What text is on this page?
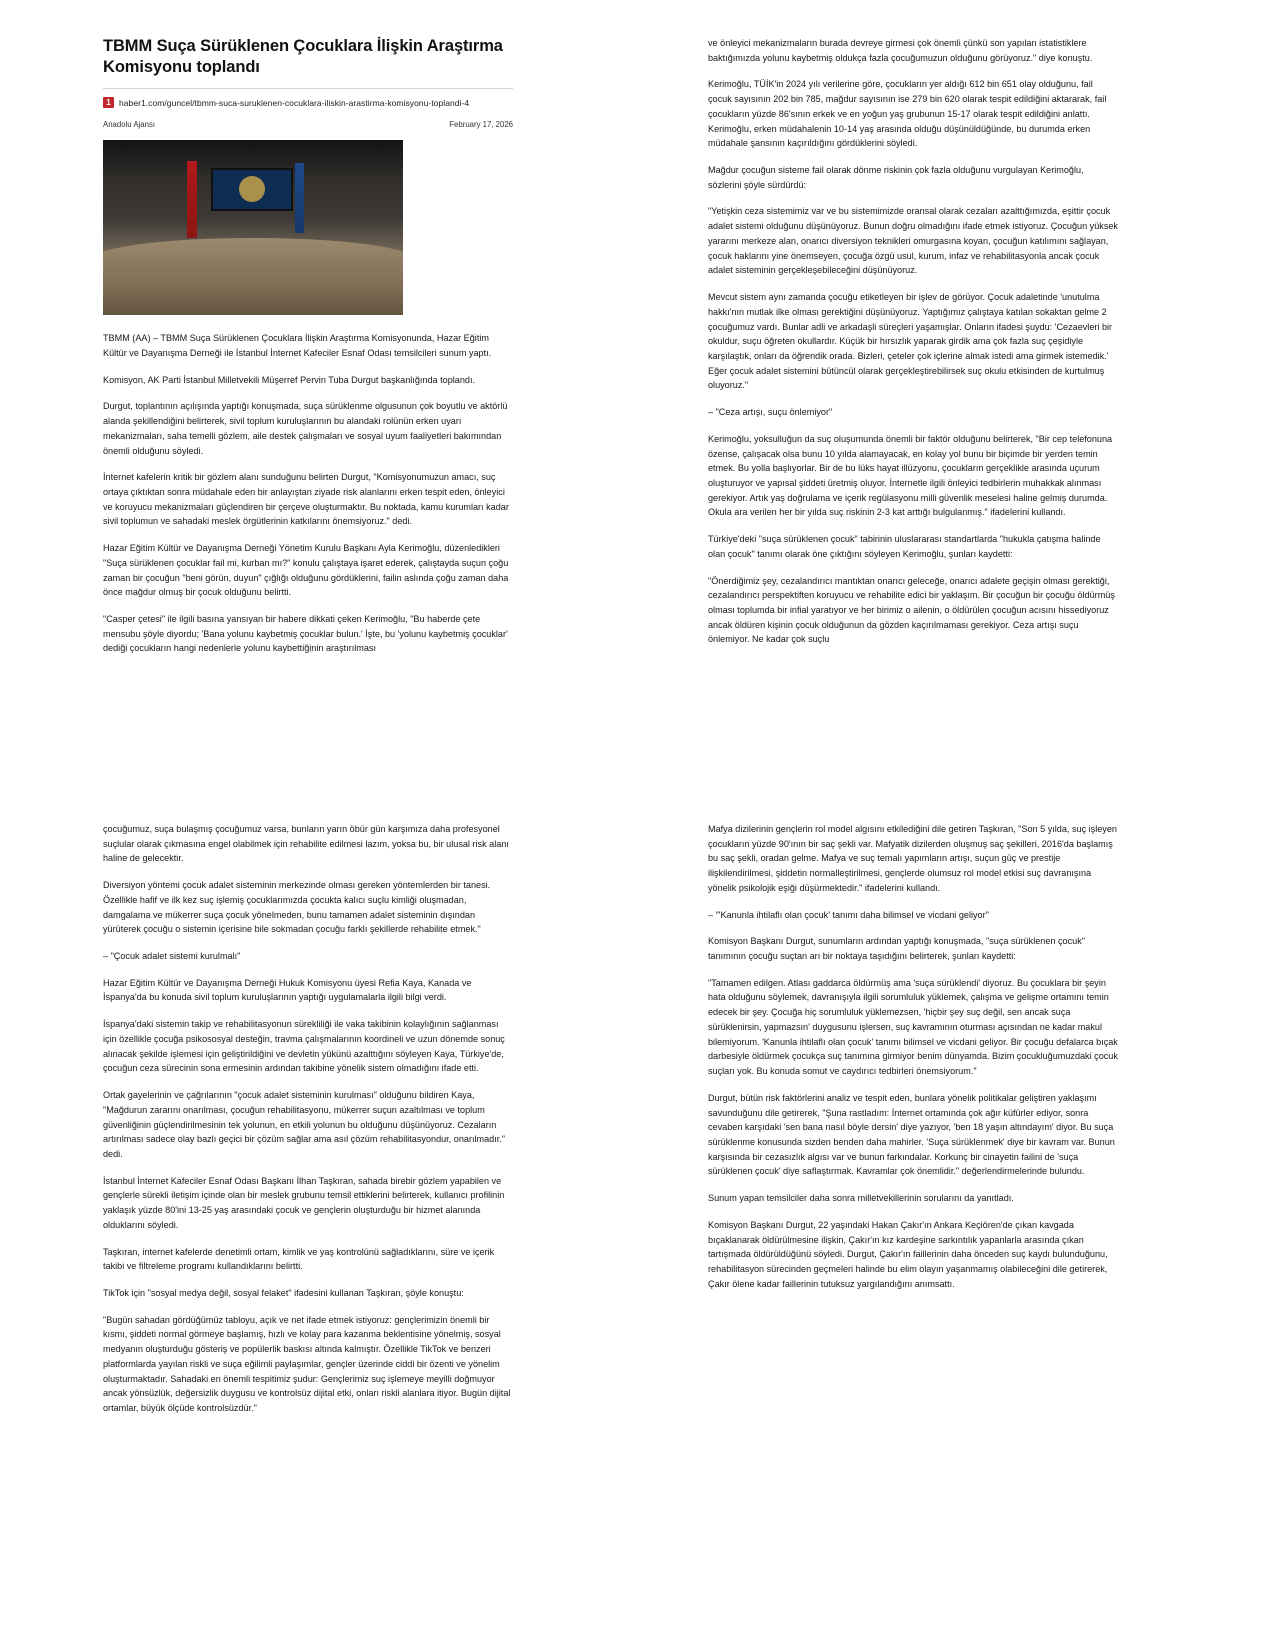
TBMM Suça Sürüklenen Çocuklara İlişkin Araştırma Komisyonu toplandı
1 haber1.com/guncel/tbmm-suca-suruklenen-cocuklara-iliskin-arastirma-komisyonu-toplandi-4
Anadolu Ajansı	February 17, 2026

TBMM (AA) – TBMM Suça Sürüklenen Çocuklara İlişkin Araştırma Komisyonunda, Hazar Eğitim Kültür ve Dayanışma Derneği ile İstanbul İnternet Kafeciler Esnaf Odası temsilcileri sunum yaptı.

Komisyon, AK Parti İstanbul Milletvekili Müşerref Pervin Tuba Durgut başkanlığında toplandı.

Durgut, toplantının açılışında yaptığı konuşmada, suça sürüklenme olgusunun çok boyutlu ve aktörlü alanda şekillendiğini belirterek, sivil toplum kuruluşlarının bu alandaki rolünün erken uyarı mekanizmaları, saha temelli gözlem, aile destek çalışmaları ve sosyal uyum faaliyetleri bakımından önemli olduğunu söyledi.

İnternet kafelerin kritik bir gözlem alanı sunduğunu belirten Durgut, "Komisyonumuzun amacı, suç ortaya çıktıktan sonra müdahale eden bir anlayıştan ziyade risk alanlarını erken tespit eden, önleyici ve koruyucu mekanizmaları güçlendiren bir çerçeve oluşturmaktır. Bu noktada, kamu kurumları kadar sivil toplumun ve sahadaki meslek örgütlerinin katkılarını önemsiyoruz." dedi.

Hazar Eğitim Kültür ve Dayanışma Derneği Yönetim Kurulu Başkanı Ayla Kerimoğlu, düzenledikleri "Suça sürüklenen çocuklar fail mi, kurban mı?" konulu çalıştaya işaret ederek, çalıştayda suçun çoğu zaman bir çocuğun "beni görün, duyun" çığlığı olduğunu gördüklerini, failin aslında çoğu zaman daha önce mağdur olmuş bir çocuk olduğunu belirtti.

"Casper çetesi" ile ilgili basına yansıyan bir habere dikkati çeken Kerimoğlu, "Bu haberde çete mensubu şöyle diyordu; 'Bana yolunu kaybetmiş çocuklar bulun.' İşte, bu 'yolunu kaybetmiş çocuklar' dediği çocukların hangi nedenlerle yolunu kaybettiğinin araştırılması

ve önleyici mekanizmaların burada devreye girmesi çok önemli çünkü son yapılan istatistiklere baktığımızda yolunu kaybetmiş oldukça fazla çocuğumuzun olduğunu görüyoruz." diye konuştu.

Kerimoğlu, TÜİK'in 2024 yılı verilerine göre, çocukların yer aldığı 612 bin 651 olay olduğunu, fail çocuk sayısının 202 bin 785, mağdur sayısının ise 279 bin 620 olarak tespit edildiğini aktararak, fail çocukların yüzde 86'sının erkek ve en yoğun yaş grubunun 15-17 olarak tespit edildiğini anlattı. Kerimoğlu, erken müdahalenin 10-14 yaş arasında olduğu düşünüldüğünde, bu durumda erken müdahale şansının kaçırıldığını gördüklerini söyledi.

Mağdur çocuğun sisteme fail olarak dönme riskinin çok fazla olduğunu vurgulayan Kerimoğlu, sözlerini şöyle sürdürdü:

"Yetişkin ceza sistemimiz var ve bu sistemimizde oransal olarak cezaları azalttığımızda, eşittir çocuk adalet sistemi olduğunu düşünüyoruz. Bunun doğru olmadığını ifade etmek istiyoruz. Çocuğun yüksek yararını merkeze alan, onarıcı diversiyon teknikleri omurgasına koyan, çocuğun katılımını sağlayan, çocuk haklarını yine önemseyen, çocuğa özgü usul, kurum, infaz ve rehabilitasyonla ancak çocuk adalet sisteminin gerçekleşebileceğini düşünüyoruz.

Mevcut sistem aynı zamanda çocuğu etiketleyen bir işlev de görüyor. Çocuk adaletinde 'unutulma hakkı'nın mutlak ilke olması gerektiğini düşünüyoruz. Yaptığımız çalıştaya katılan sokaktan gelme 2 çocuğumuz vardı. Bunlar adli ve arkadaşli süreçleri yaşamışlar. Onların ifadesi şuydu: 'Cezaevleri bir okuldur, suçu öğreten okullardır. Küçük bir hırsızlık yaparak girdik ama çok fazla suç çeşidiyle karşılaştık, onları da öğrendik orada. Bizleri, çeteler çok içlerine almak istedi ama girmek istemedik.' Eğer çocuk adalet sistemini bütüncül olarak gerçekleştirebilirsek suç okulu etkisinden de kurtulmuş oluyoruz."

– "Ceza artışı, suçu önlemiyor"

Kerimoğlu, yoksulluğun da suç oluşumunda önemli bir faktör olduğunu belirterek, "Bir cep telefonuna özense, çalışacak olsa bunu 10 yılda alamayacak, en kolay yol bunu bir biçimde bir yerden temin etmek. Bu yolla başlıyorlar. Bir de bu lüks hayat illüzyonu, çocukların gerçeklikle arasında uçurum oluşturuyor ve yapısal şiddeti üretmiş oluyor. İnternetle ilgili önleyici tedbirlerin muhakkak alınması gerekiyor. Artık yaş doğrulama ve içerik regülasyonu milli güvenlik meselesi haline gelmiş durumda. Okula ara verilen her bir yılda suç riskinin 2-3 kat arttığı bulgulanmış." ifadelerini kullandı.

Türkiye'deki "suça sürüklenen çocuk" tabirinin uluslararası standartlarda "hukukla çatışma halinde olan çocuk" tanımı olarak öne çıktığını söyleyen Kerimoğlu, şunları kaydetti:

"Önerdiğimiz şey, cezalandırıcı mantıktan onarıcı geleceğe, onarıcı adalete geçişin olması gerektiği, cezalandırıcı perspektiften koruyucu ve rehabilite edici bir yaklaşım. Bir çocuğun bir çocuğu öldürmüş olması toplumda bir infial yaratıyor ve her birimiz o ailenin, o öldürülen çocuğun acısını hissediyoruz ancak öldüren kişinin çocuk olduğunun da gözden kaçırılmaması gerekiyor. Ceza artışı suçu önlemiyor. Ne kadar çok suçlu

çocuğumuz, suça bulaşmış çocuğumuz varsa, bunların yarın öbür gün karşımıza daha profesyonel suçlular olarak çıkmasına engel olabilmek için rehabilite edilmesi lazım, yoksa bu, bir ulusal risk alanı haline de gelecektir.

Diversiyon yöntemi çocuk adalet sisteminin merkezinde olması gereken yöntemlerden bir tanesi. Özellikle hafif ve ilk kez suç işlemiş çocuklarımızda çocukta kalıcı suçlu kimliği oluşmadan, damgalama ve mükerrer suça çocuk yönelmeden, bunu tamamen adalet sisteminin dışından yürüterek çocuğu o sistemin içerisine bile sokmadan çocuğu farklı şekillerde rehabilite etmek."

– "Çocuk adalet sistemi kurulmalı"

Hazar Eğitim Kültür ve Dayanışma Derneği Hukuk Komisyonu üyesi Refia Kaya, Kanada ve İspanya'da bu konuda sivil toplum kuruluşlarının yaptığı uygulamalarla ilgili bilgi verdi.

İspanya'daki sistemin takip ve rehabilitasyonun sürekliliği ile vaka takibinin kolaylığının sağlanması için özellikle çocuğa psikososyal desteğin, travma çalışmalarının koordineli ve uzun dönemde sonuç alınacak şekilde işlemesi için geliştirildiğini ve devletin yükünü azalttığını söyleyen Kaya, Türkiye'de, çocuğun ceza sürecinin sona ermesinin ardından takibine yönelik sistem olmadığını ifade etti.

Ortak gayelerinin ve çağrılarının "çocuk adalet sisteminin kurulması" olduğunu bildiren Kaya, "Mağdurun zararını onarılması, çocuğun rehabilitasyonu, mükerrer suçun azaltılması ve toplum güvenliğinin güçlendirilmesinin tek yolunun, en etkili yolunun bu olduğunu düşünüyoruz. Cezaların artırılması sadece olay bazlı geçici bir çözüm sağlar ama asıl çözüm rehabilitasyondur, onarılmadır." dedi.

İstanbul İnternet Kafeciler Esnaf Odası Başkanı İlhan Taşkıran, sahada birebir gözlem yapabilen ve gençlerle sürekli iletişim içinde olan bir meslek grubunu temsil ettiklerini belirterek, kullanıcı profilinin yaklaşık yüzde 80'ini 13-25 yaş arasındaki çocuk ve gençlerin oluşturduğu bir hizmet alanında olduklarını söyledi.

Taşkıran, internet kafelerde denetimli ortam, kimlik ve yaş kontrolünü sağladıklarını, süre ve içerik takibi ve filtreleme programı kullandıklarını belirtti.

TikTok için "sosyal medya değil, sosyal felaket" ifadesini kullanan Taşkıran, şöyle konuştu:

"Bugün sahadan gördüğümüz tabloyu, açık ve net ifade etmek istiyoruz: gençlerimizin önemli bir kısmı, şiddeti normal görmeye başlamış, hızlı ve kolay para kazanma beklentisine yönelmiş, sosyal medyanın oluşturduğu gösteriş ve popülerlik baskısı altında kalmıştır. Özellikle TikTok ve benzeri platformlarda yayılan riskli ve suça eğilimli paylaşımlar, gençler üzerinde ciddi bir özenti ve yönelim oluşturmaktadır. Sahadaki en önemli tespitimiz şudur: Gençlerimiz suç işlemeye meyilli doğmuyor ancak yönsüzlük, değersizlik duygusu ve kontrolsüz dijital etki, onları riskli alanlara itiyor. Bugün dijital ortamlar, büyük ölçüde kontrolsüzdür."

Mafya dizilerinin gençlerin rol model algısını etkilediğini dile getiren Taşkıran, "Son 5 yılda, suç işleyen çocukların yüzde 90'ının bir saç şekli var. Mafyatik dizilerden oluşmuş saç şekilleri, 2016'da başlamış bu saç şekli, oradan gelme. Mafya ve suç temalı yapımların artışı, suçun güç ve prestije ilişkilendirilmesi, şiddetin normalleştirilmesi, gençlerde olumsuz rol model etkisi suç davranışına yönelik psikolojik eşiği düşürmektedir." ifadelerini kullandı.

– "'Kanunla ihtilaflı olan çocuk' tanımı daha bilimsel ve vicdani geliyor"

Komisyon Başkanı Durgut, sunumların ardından yaptığı konuşmada, "suça sürüklenen çocuk" tanımının çocuğu suçtan arı bir noktaya taşıdığını belirterek, şunları kaydetti:

"Tamamen edilgen. Atlası gaddarca öldürmüş ama 'suça sürüklendi' diyoruz. Bu çocuklara bir şeyin hata olduğunu söylemek, davranışıyla ilgili sorumluluk yüklemek, çalışma ve gelişme ortamını temin edecek bir şey. Çocuğa hiç sorumluluk yüklemezsen, 'hiçbir şey suç değil, sen ancak suça sürüklenirsin, yapmazsın' duygusunu işlersen, suç kavramının oturması açısından ne kadar makul bilemiyorum. 'Kanunla ihtilaflı olan çocuk' tanımı bilimsel ve vicdani geliyor. Bir çocuğu defalarca bıçak darbesiyle öldürmek çocukça suç tanımına girmiyor benim dünyamda. Bizim çocukluğumuzdaki çocuk suçları yok. Bu konuda somut ve caydırıcı tedbirleri önemsiyorum."

Durgut, bütün risk faktörlerini analiz ve tespit eden, bunlara yönelik politikalar geliştiren yaklaşımı savunduğunu dile getirerek, "Şuna rastladım: İnternet ortamında çok ağır küfürler ediyor, sonra cevaben karşıdaki 'sen bana nasıl böyle dersin' diye yazıyor, 'ben 18 yaşın altındayım' diyor. Bu suça sürüklenme konusunda sizden benden daha mahirler. 'Suça sürüklenmek' diye bir kavram var. Bunun karşısında bir cezasızlık algısı var ve bunun farkındalar. Korkunç bir cinayetin failini de 'suça sürüklenen çocuk' diye saflaştırmak. Kavramlar çok önemlidir." değerlendirmelerinde bulundu.

Sunum yapan temsilciler daha sonra milletvekillerinin sorularını da yanıtladı.

Komisyon Başkanı Durgut, 22 yaşındaki Hakan Çakır'ın Ankara Keçiören'de çıkan kavgada bıçaklanarak öldürülmesine ilişkin, Çakır'ın kız kardeşine sarkıntılık yapanlarla arasında çıkan tartışmada öldürüldüğünü söyledi. Durgut, Çakır'ın faillerinin daha önceden suç kaydı bulunduğunu, rehabilitasyon sürecinden geçmeleri halinde bu elim olayın yaşanmamış olabileceğini dile getirerek, Çakır ölene kadar faillerinin tutuksuz yargılandığını anımsattı.
